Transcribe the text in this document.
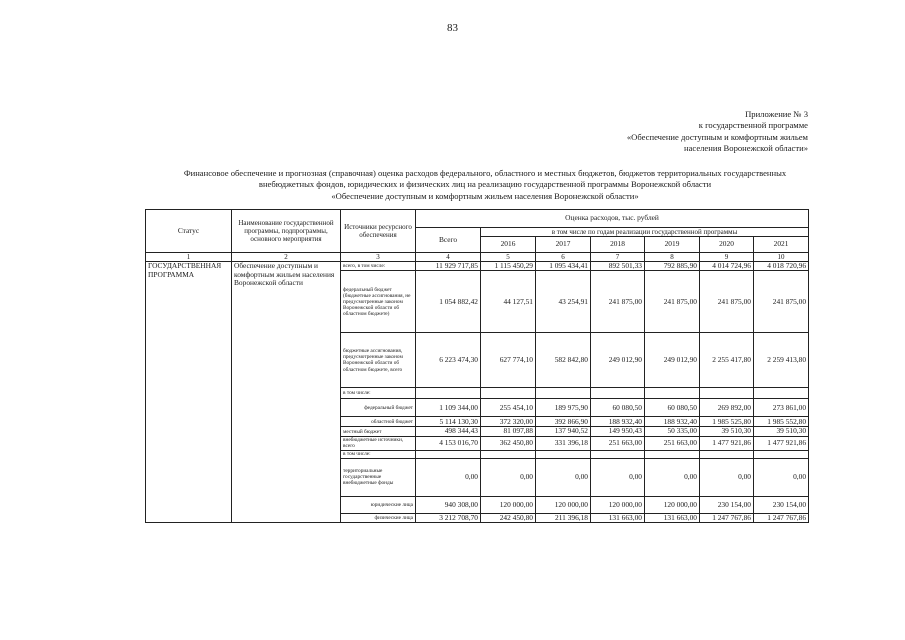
83
Приложение № 3
к государственной программе
«Обеспечение доступным и комфортным жильем
населения Воронежской области»
Финансовое обеспечение и прогнозная (справочная) оценка расходов федерального, областного и местных бюджетов, бюджетов территориальных государственных
внебюджетных фондов, юридических и физических лиц на реализацию государственной программы Воронежской области
«Обеспечение доступным и комфортным жильем населения Воронежской области»
Статус	Наименование государственной программы, подпрограммы, основного мероприятия	Источники ресурсного обеспечения	Оценка расходов, тыс. рублей						
			Всего	в том числе по годам реализации государственной программы					
				2016	2017	2018	2019	2020	2021
1	2	3	4	5	6	7	8	9	10
ГОСУДАРСТВЕННАЯ ПРОГРАММА	Обеспечение доступным и комфортным жильем населения Воронежской области	всего, в том числе:	11 929 717,85	1 115 450,29	1 095 434,41	892 501,33	792 885,90	4 014 724,96	4 018 720,96
		федеральный бюджет (бюджетные ассигнования, не предусмотренные законом Воронежской области об областном бюджете)	1 054 882,42	44 127,51	43 254,91	241 875,00	241 875,00	241 875,00	241 875,00
		бюджетные ассигнования, предусмотренные законом Воронежской области об областном бюджете, всего	6 223 474,30	627 774,10	582 842,80	249 012,90	249 012,90	2 255 417,80	2 259 413,80
		в том числе:							
		федеральный бюджет	1 109 344,00	255 454,10	189 975,90	60 080,50	60 080,50	269 892,00	273 861,00
		областной бюджет	5 114 130,30	372 320,00	392 866,90	188 932,40	188 932,40	1 985 525,80	1 985 552,80
		местный бюджет	498 344,43	81 097,88	137 940,52	149 950,43	50 335,00	39 510,30	39 510,30
		внебюджетные источники, всего	4 153 016,70	362 450,80	331 396,18	251 663,00	251 663,00	1 477 921,86	1 477 921,86
		в том числе:							
		территориальные государственные внебюджетные фонды	0,00	0,00	0,00	0,00	0,00	0,00	0,00
		юридические лица	940 308,00	120 000,00	120 000,00	120 000,00	120 000,00	230 154,00	230 154,00
		физические лица	3 212 708,70	242 450,80	211 396,18	131 663,00	131 663,00	1 247 767,86	1 247 767,86
